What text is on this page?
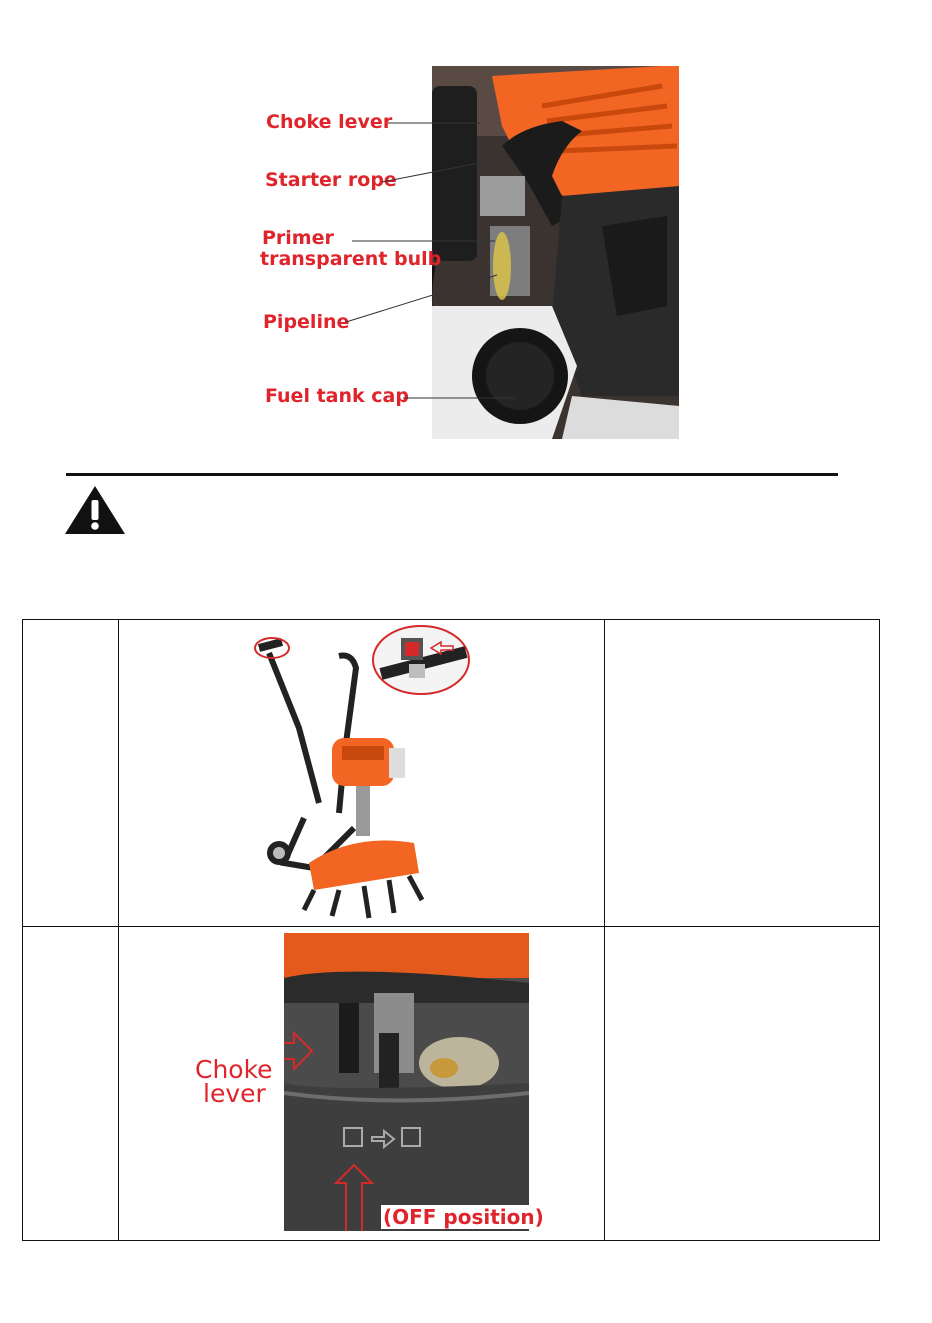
Choke lever
Starter rope
Primer
transparent bulb
Pipeline
Fuel tank cap

	Choke
lever
(OFF position)	
